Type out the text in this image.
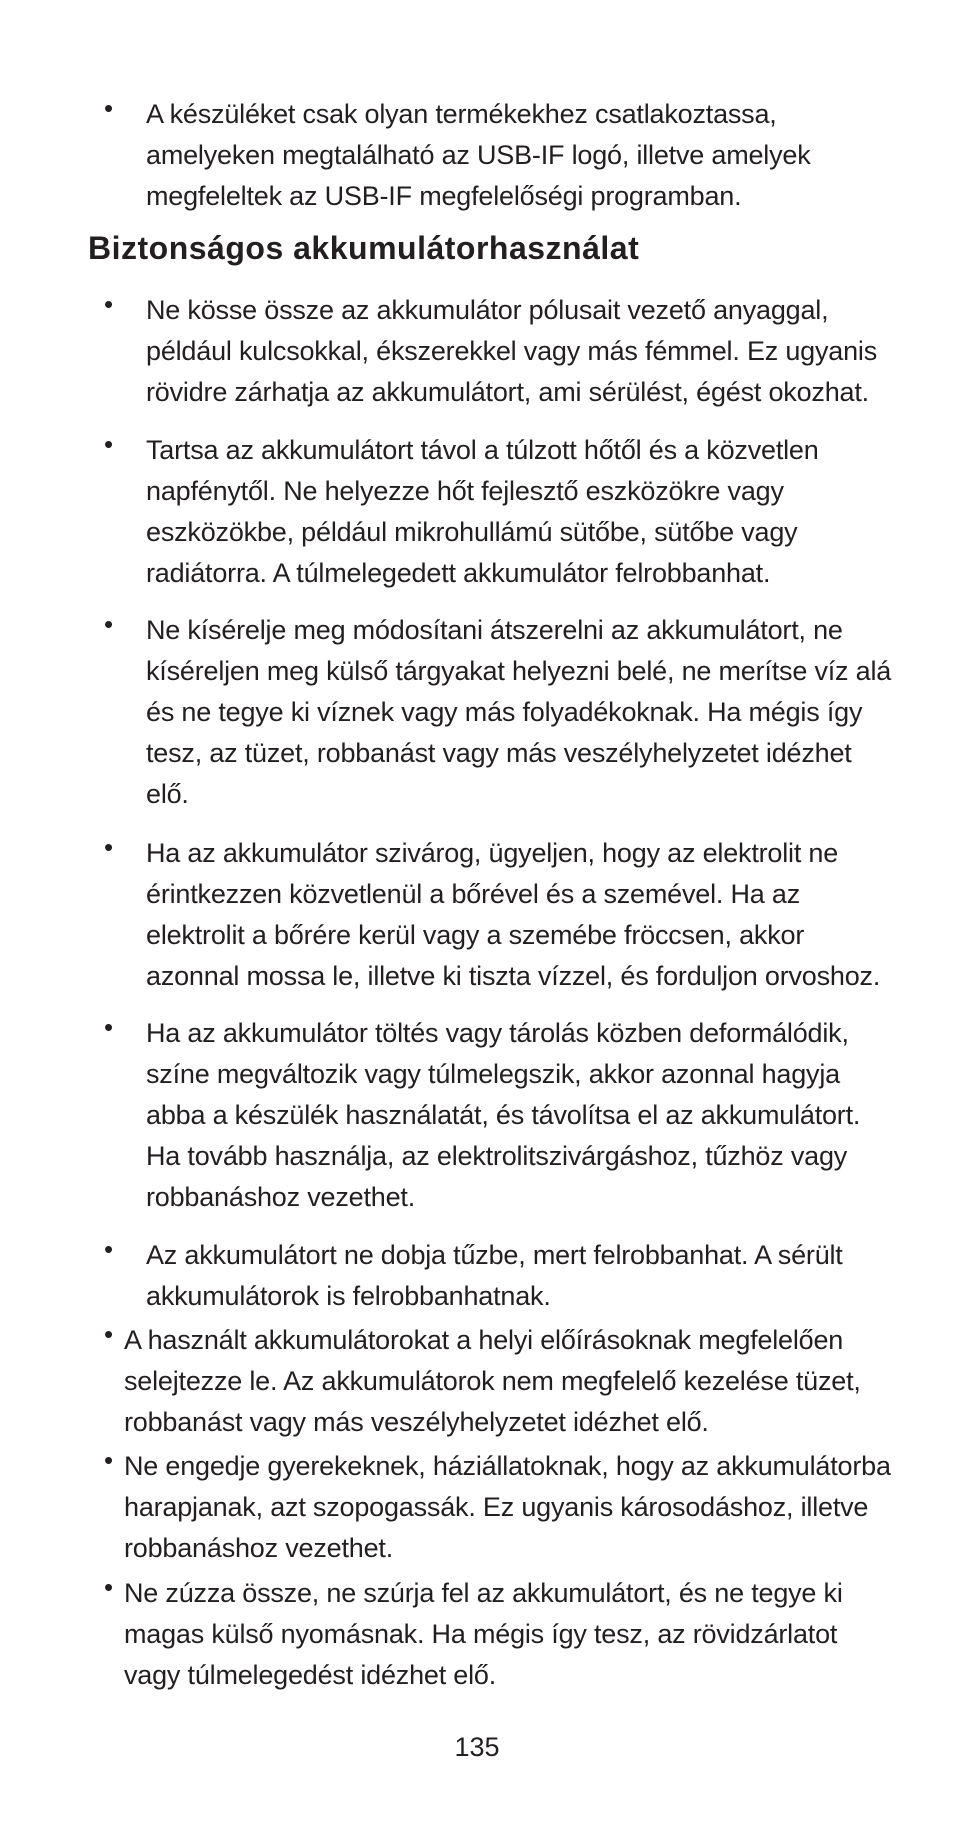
• A készüléket csak olyan termékekhez csatlakoztassa, amelyeken megtalálható az USB-IF logó, illetve amelyek megfeleltek az USB-IF megfelelőségi programban.
Biztonságos akkumulátorhasználat
• Ne kösse össze az akkumulátor pólusait vezető anyaggal, például kulcsokkal, ékszerekkel vagy más fémmel. Ez ugyanis rövidre zárhatja az akkumulátort, ami sérülést, égést okozhat.
• Tartsa az akkumulátort távol a túlzott hőtől és a közvetlen napfénytől. Ne helyezze hőt fejlesztő eszközökre vagy eszközökbe, például mikrohullámú sütőbe, sütőbe vagy radiátorra. A túlmelegedett akkumulátor felrobbanhat.
• Ne kísérelje meg módosítani átszerelni az akkumulátort, ne kíséreljen meg külső tárgyakat helyezni belé, ne merítse víz alá és ne tegye ki víznek vagy más folyadékoknak. Ha mégis így tesz, az tüzet, robbanást vagy más veszélyhelyzetet idézhet elő.
• Ha az akkumulátor szivárog, ügyeljen, hogy az elektrolit ne érintkezzen közvetlenül a bőrével és a szemével. Ha az elektrolit a bőrére kerül vagy a szemébe fröccsen, akkor azonnal mossa le, illetve ki tiszta vízzel, és forduljon orvoshoz.
• Ha az akkumulátor töltés vagy tárolás közben deformálódik, színe megváltozik vagy túlmelegszik, akkor azonnal hagyja abba a készülék használatát, és távolítsa el az akkumulátort. Ha tovább használja, az elektrolitszivárgáshoz, tűzhöz vagy robbanáshoz vezethet.
• Az akkumulátort ne dobja tűzbe, mert felrobbanhat. A sérült akkumulátorok is felrobbanhatnak.
• A használt akkumulátorokat a helyi előírásoknak megfelelően selejtezze le. Az akkumulátorok nem megfelelő kezelése tüzet, robbanást vagy más veszélyhelyzetet idézhet elő.
• Ne engedje gyerekeknek, háziállatoknak, hogy az akkumulátorba harapjanak, azt szopogassák. Ez ugyanis károsodáshoz, illetve robbanáshoz vezethet.
• Ne zúzza össze, ne szúrja fel az akkumulátort, és ne tegye ki magas külső nyomásnak. Ha mégis így tesz, az rövidzárlatot vagy túlmelegedést idézhet elő.
135
